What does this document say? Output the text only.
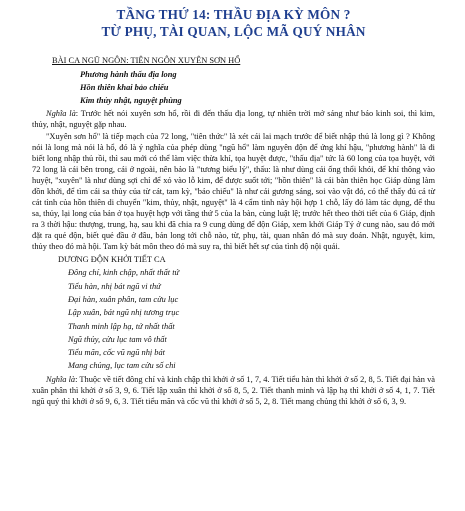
TẦNG THỨ 14: THẦU ĐỊA KỲ MÔN ?
TỪ PHỤ, TÀI QUAN, LỘC MÃ QUÝ NHÂN
BÀI CA NGŨ NGÔN: TIÊN NGÔN XUYÊN SƠN HỔ
Phương hành thấu địa long
Hồn thiên khai bảo chiếu
Kim thủy nhật, nguyệt phùng
Nghĩa là: Trước hết nói xuyên sơn hổ, rồi đi đến thấu địa long, tự nhiên trời mở sáng như báo kinh soi, thì kim, thủy, nhật, nguyệt gặp nhau.
"Xuyên sơn hổ" là tiếp mạch của 72 long, "tiên thức" là xét cái lai mạch trước để biết nhập thủ là long gì ? Không nói là long mà nói là hổ, đó là ý nghĩa của phép dùng "ngũ hổ" làm nguyên độn để ứng khí hậu, "phương hành" là đi biết long nhập thủ rồi, thì sau mới có thể làm việc thừa khí, tọa huyệt được, "thấu địa" tức là 60 long của tọa huyệt, với 72 long là cái bên trong, cái ở ngoài, nên bảo là "tương biểu lý", thấu: là như dùng cái ống thổi khói, để khí thông vào huyệt, "xuyên" là như dùng sợi chỉ để xỏ vào lỗ kim, để được suốt tới; "hồn thiên" là cái bàn thiên học Giáp dùng làm đồn khởi, để tìm cái sa thủy của từ cát, tam kỳ, "bảo chiếu" là như cái gương sáng, soi vào vật đó, có thể thấy đủ cả từ cát tình của hồn thiên di chuyển "kim, thủy, nhật, nguyệt" là 4 cẩm tinh này hội hợp 1 chỗ, lấy đó làm tác dụng, để thu sa, thủy, lại long của bản ở tọa huyệt hợp với tầng thứ 5 của la bàn, cùng luật lệ; trước hết theo thời tiết của 6 Giáp, định ra 3 thời hậu: thượng, trung, hạ, sau khi đã chia ra 9 cung dùng để độn Giáp, xem khởi Giáp Tý ở cung nào, sau đó mới đặt ra quẻ độn, biết quẻ đầu ở đâu, bản long tới chỗ nào, từ, phụ, tài, quan nhân đó mà suy đoán. Nhật, nguyệt, kim, thủy theo đó mà hội. Tam kỳ bát môn theo đó mà suy ra, thì biết hết sự của tình độ nội quái.
DƯƠNG ĐỘN KHỞI TIẾT CA
Đông chí, kinh chập, nhất thất tứ
Tiểu hàn, nhị bát ngũ vi thứ
Đại hàn, xuân phân, tam cửu lục
Lập xuân, bát ngũ nhị tương trục
Thanh minh lập hạ, tứ nhất thất
Ngũ thủy, cửu lục tam vô thất
Tiểu mãn, cốc vũ ngũ nhị bát
Mang chủng, lục tam cửu số chi
Nghĩa là: Thuộc về tiết đông chí và kinh chập thì khởi ở số 1, 7, 4. Tiết tiểu hàn thì khởi ở số 2, 8, 5. Tiết đại hàn và xuân phân thì khởi ở số 3, 9, 6. Tiết lập xuân thì khởi ở số 8, 5, 2. Tiết thanh minh và lập hạ thì khởi ở số 4, 1, 7. Tiết ngũ quý thì khởi ở số 9, 6, 3. Tiết tiểu mãn và cốc vũ thì khởi ở số 5, 2, 8. Tiết mang chủng thì khởi ở số 6, 3, 9.
